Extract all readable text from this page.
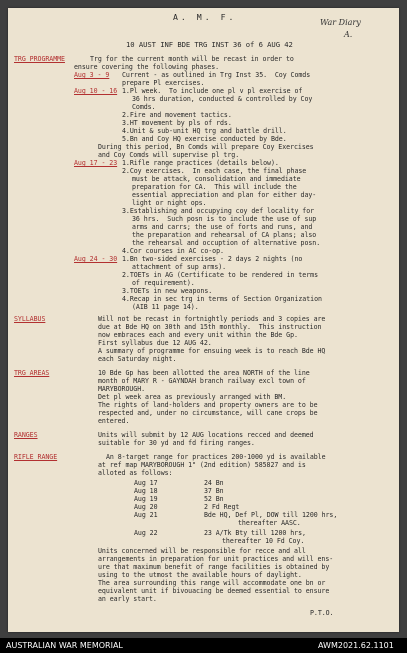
A. M. F.
10 AUST INF BDE TRG INST 36 of 6 AUG 42
War Diary
A.
TRG PROGRAMME	Trg for the current month will be recast in order to
ensure covering the following phases.
Aug 3 - 9 Current - as outlined in Trg Inst 35.  Coy Comds
prepare Pl exercises.
Aug 10 - 16 1.Pl week.  To include one pl v pl exercise of
36 hrs duration, conducted & controlled by Coy
Comds.
2.Fire and movement tactics.
3.HT movement by pls of rds.
4.Unit & sub-unit HQ trg and battle drill.
5.Bn and Coy HQ exercise conducted by Bde.
During this period, Bn Comds will prepare Coy Exercises
and Coy Comds will supervise pl trg.
Aug 17 - 23 1.Rifle range practices (details below).
2.Coy exercises.  In each case, the final phase
must be attack, consolidation and immediate
preparation for CA.  This will include the
essential appreciation and plan for either day-
light or night ops.
3.Establishing and occupying coy def locality for
36 hrs.  Such posn is to include the use of sup
arms and carrs; the use of forts and runs, and
the preparation and rehearsal of CA plans; also
the rehearsal and occuption of alternative posn.
4.Cor courses in AC co-op.
Aug 24 - 30 1.Bn two-sided exercises - 2 days 2 nights (no
attachment of sup arms).
2.TOETs in AG (Certificate to be rendered in terms
of requirement).
3.TOETs in new weapons.
4.Recap in sec trg in terms of Section Organization
(AIB 11 page 14).
SYLLABUS	Will not be recast in fortnightly periods and 3 copies are
due at Bde HQ on 30th and 15th monthly.  This instruction
now embraces each and every unit within the Bde Gp.
First syllabus due 12 AUG 42.
A summary of programme for ensuing week is to reach Bde HQ
each Saturday night.
TRG AREAS	10 Bde Gp has been allotted the area NORTH of the line
month of MARY R - GAYNDAH branch railway excl town of
MARYBOROUGH.
Det pl week area as previously arranged with BM.
The rights of land-holders and property owners are to be
respected and, under no circumstance, will cane crops be
entered.
RANGES	Units will submit by 12 AUG locations recced and deemed
suitable for 30 yd and fd firing ranges.
RIFLE RANGE	An 8-target range for practices 200-1000 yd is available
at ref map MARYBOROUGH 1" (2nd edition) 585827 and is
alloted as follows:
Aug 17	24 Bn
Aug 18	37 Bn
Aug 19	52 Bn
Aug 20	2 Fd Regt
Aug 21	Bde HQ, Def Pl, DOW till 1200 hrs,
thereafter AASC.
Aug 22	23 A/Tk Bty till 1200 hrs,
thereafter 10 Fd Coy.
Units concerned will be responsible for recce and all
arrangements in preparation for unit practices and will ens-
ure that maximum benefit of range facilities is obtained by
using to the utmost the available hours of daylight.
The area surrounding this range will accommodate one bn or
equivalent unit if bivouacing be deemed essential to ensure
an early start.
P.T.O.
AUSTRALIAN WAR MEMORIAL	AWM2021.62.1101
